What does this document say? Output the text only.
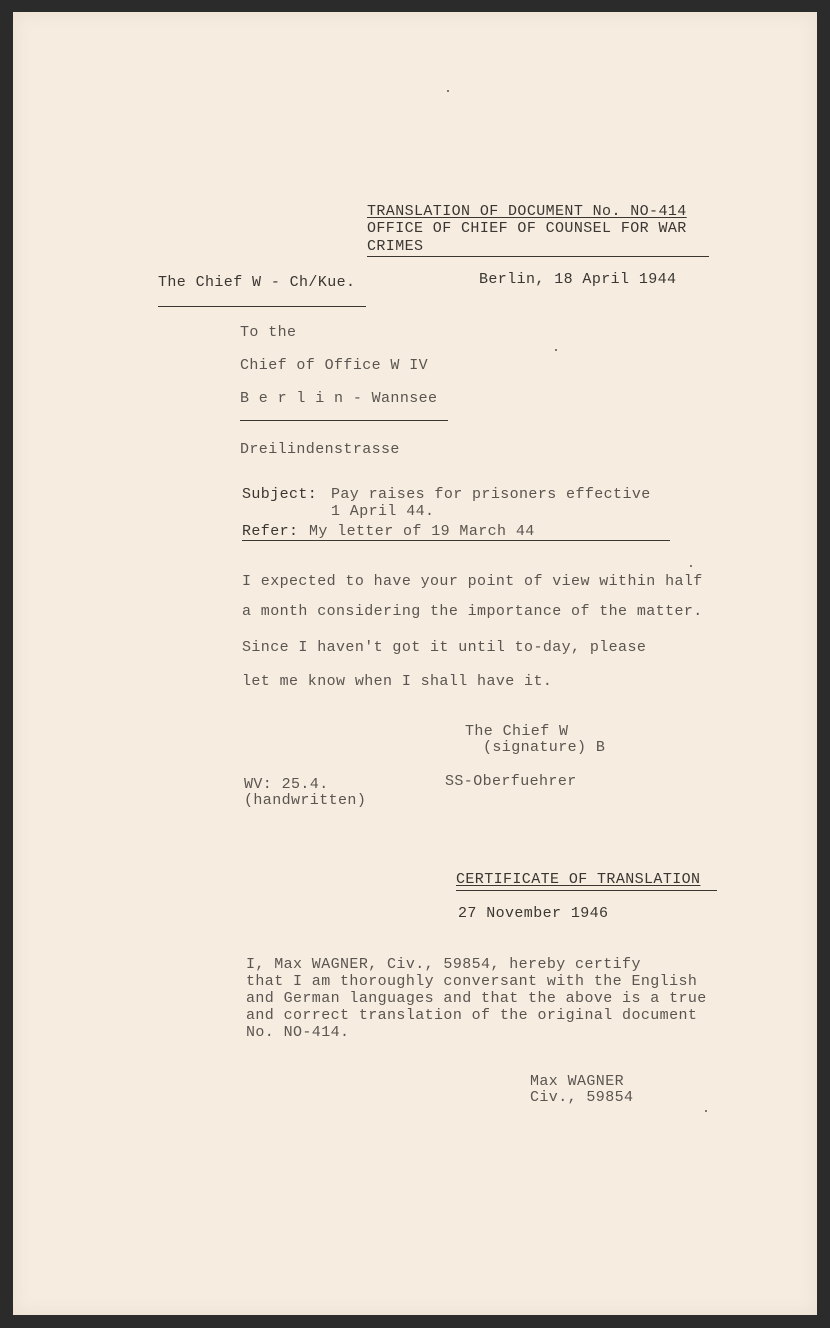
TRANSLATION OF DOCUMENT No. NO-414

OFFICE OF CHIEF OF COUNSEL FOR WAR

CRIMES

The Chief W - Ch/Kue.	Berlin, 18 April 1944

To the

Chief of Office W IV

B e r l i n - Wannsee

Dreilindenstrasse

Subject: Pay raises for prisoners effective

1 April 44.

Refer: My letter of 19 March 44

I expected to have your point of view within half

a month considering the importance of the matter.

Since I haven't got it until to-day, please

let me know when I shall have it.

The Chief W

(signature) B

SS-Oberfuehrer

WV: 25.4.

(handwritten)

CERTIFICATE OF TRANSLATION

27 November 1946

I, Max WAGNER, Civ., 59854, hereby certify

that I am thoroughly conversant with the English

and German languages and that the above is a true

and correct translation of the original document

No. NO-414.

Max WAGNER

Civ., 59854
